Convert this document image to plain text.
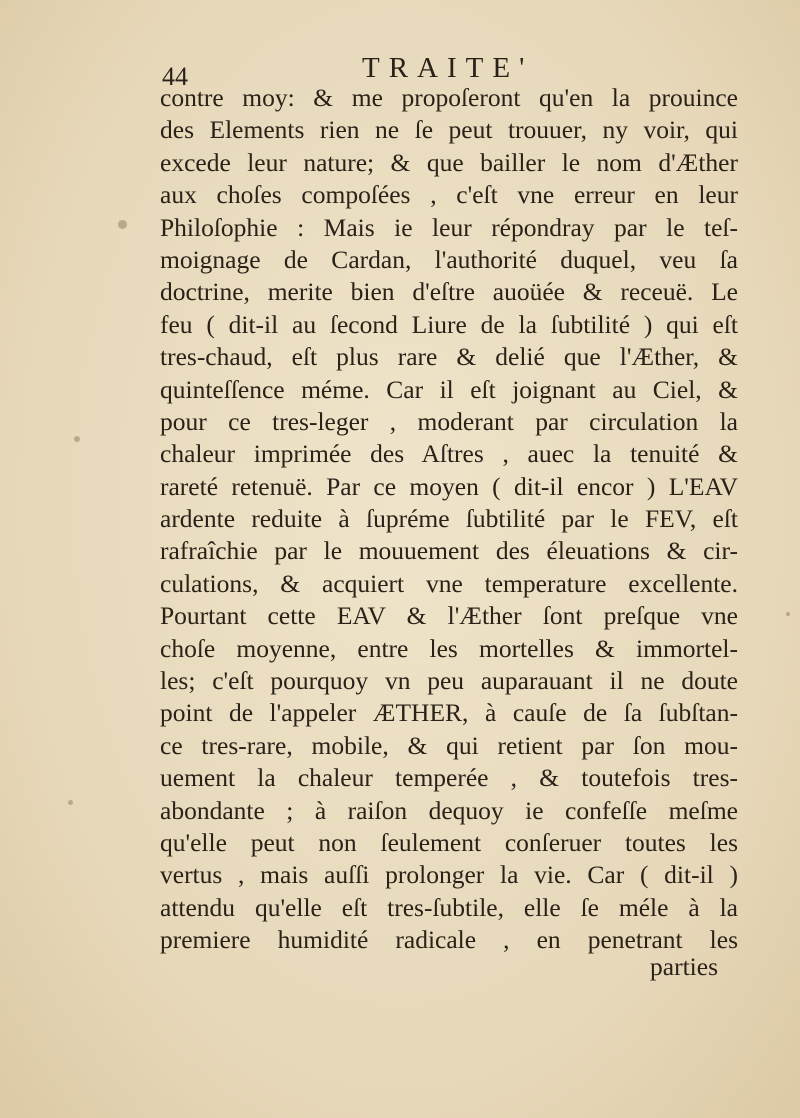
44	TRAITE'
contre moy: & me propoſeront qu'en la prouince
des Elements rien ne ſe peut trouuer, ny voir, qui
excede leur nature; & que bailler le nom d'Æther
aux choſes compoſées , c'eſt vne erreur en leur
Philoſophie : Mais ie leur répondray par le teſ-
moignage de Cardan, l'authorité duquel, veu ſa
doctrine, merite bien d'eſtre auoüée & receuë. Le
feu ( dit-il au ſecond Liure de la ſubtilité ) qui eſt
tres-chaud, eſt plus rare & delié que l'Æther, &
quinteſſence méme. Car il eſt joignant au Ciel, &
pour ce tres-leger , moderant par circulation la
chaleur imprimée des Aſtres , auec la tenuité &
rareté retenuë. Par ce moyen ( dit-il encor ) L'EAV
ardente reduite à ſupréme ſubtilité par le FEV, eſt
rafraîchie par le mouuement des éleuations & cir-
culations, & acquiert vne temperature excellente.
Pourtant cette EAV & l'Æther ſont preſque vne
choſe moyenne, entre les mortelles & immortel-
les; c'eſt pourquoy vn peu auparauant il ne doute
point de l'appeler ÆTHER, à cauſe de ſa ſubſtan-
ce tres-rare, mobile, & qui retient par ſon mou-
uement la chaleur temperée , & toutefois tres-
abondante ; à raiſon dequoy ie confeſſe meſme
qu'elle peut non ſeulement conſeruer toutes les
vertus , mais auſſi prolonger la vie. Car ( dit-il )
attendu qu'elle eſt tres-ſubtile, elle ſe méle à la
premiere humidité radicale , en penetrant les
parties
